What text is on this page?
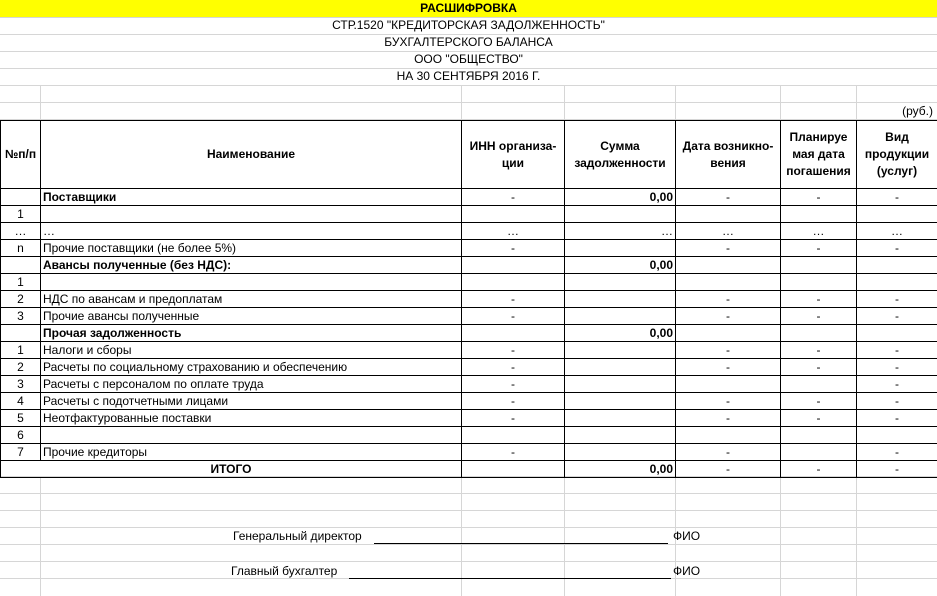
РАСШИФРОВКА
СТР.1520 "КРЕДИТОРСКАЯ ЗАДОЛЖЕННОСТЬ"
БУХГАЛТЕРСКОГО БАЛАНСА
ООО "ОБЩЕСТВО"
НА 30 СЕНТЯБРЯ 2016 Г.
(руб.)
№п/п	Наименование	ИНН организа-ции	Сумма задолженности	Дата возникно-вения	Планируе мая дата погашения	Вид продукции (услуг)
	Поставщики	-	0,00	-	-	-
1						
…	…	…	…	…	…	…
n	Прочие поставщики (не более 5%)	-		-	-	-
	Авансы полученные (без НДС):		0,00			
1						
2	НДС по авансам и предоплатам	-		-	-	-
3	Прочие авансы полученные	-		-	-	-
	Прочая задолженность		0,00			
1	Налоги и сборы	-		-	-	-
2	Расчеты по социальному страхованию и обеспечению	-		-	-	-
3	Расчеты с персоналом по оплате труда	-				-
4	Расчеты с подотчетными лицами	-		-	-	-
5	Неотфактурованные поставки	-		-	-	-
6						
7	Прочие кредиторы	-		-		-
ИТОГО			0,00	-	-	-
Генеральный директор	ФИО
Главный бухгалтер	ФИО
